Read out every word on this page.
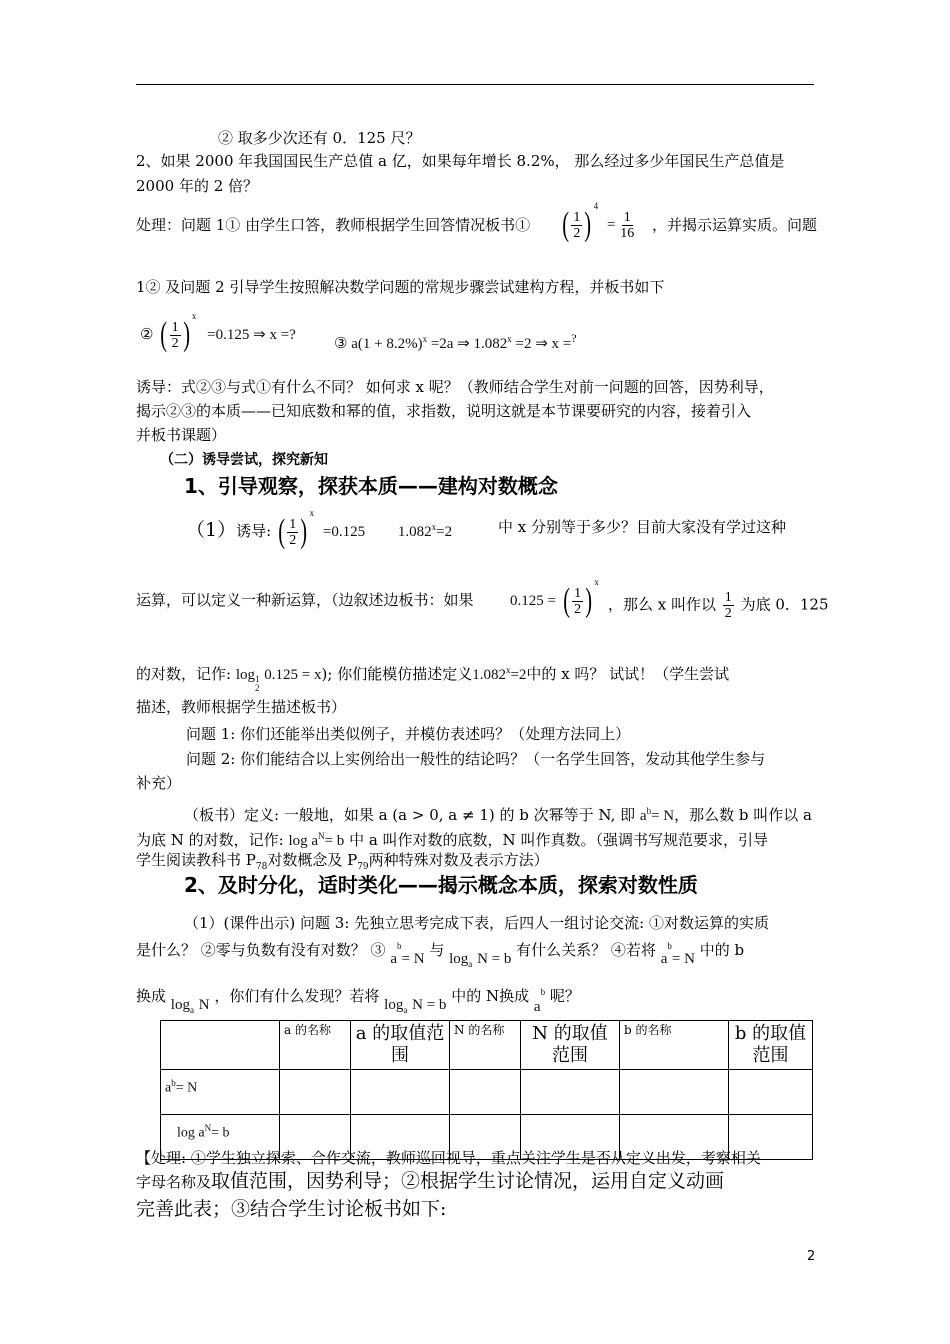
② 取多少次还有 0．125 尺？
2、如果 2000 年我国国民生产总值 a 亿，如果每年增长 8.2%， 那么经过多少年国民生产总值是
2000 年的 2 倍？
处理：问题 1① 由学生口答，教师根据学生回答情况板书① ( $\frac{1}{2}$ ) $^4 = \frac{1}{16}$ ，并揭示运算实质。问题
1② 及问题 2 引导学生按照解决数学问题的常规步骤尝试建构方程，并板书如下
② ( $\frac{1}{2}$ ) $^x$ =0.125 ⇒ x =?
③ $a(1 + 8.2\%)^x =2a$ ⇒ $1.082^x =2$ ⇒ x =?
诱导：式②③与式①有什么不同？ 如何求 x 呢？（教师结合学生对前一问题的回答，因势利导，
揭示②③的本质——已知底数和幂的值，求指数，说明这就是本节课要研究的内容，接着引入
并板书课题）
（二）诱导尝试，探究新知
1、引导观察，探获本质——建构对数概念
（1）诱导: ( $\frac{1}{2}$ ) $^x$ =0.125 $1.082^x=2$	中 x 分别等于多少？目前大家没有学过这种
运算，可以定义一种新运算，（边叙述边板书：如果 0.125 = ( $\frac{1}{2}$ ) $^x$
，那么 x 叫作以 $\frac{1}{2}$ 为底 0．125
的对数，记作: log1
2 0.125 = x); 你们能模仿描述定义$1.082^x=2$中的 x 吗？ 试试！（学生尝试
描述，教师根据学生描述板书）
问题 1: 你们还能举出类似例子，并模仿表述吗？（处理方法同上）
问题 2: 你们能结合以上实例给出一般性的结论吗？（一名学生回答，发动其他学生参与
补充）
（板书）定义: 一般地，如果 a (a > 0, a ≠ 1) 的 b 次幂等于 N, 即 $a^b= N$，那么数 b 叫作以 a
为底 N 的对数，记作: $\log a^N= b$ 中 a 叫作对数的底数，N 叫作真数。（强调书写规范要求，引导
学生阅读教科书 $P_{78}$对数概念及 $P_{79}$两种特殊对数及表示方法）
2、及时分化，适时类化——揭示概念本质，探索对数性质
（1）(课件出示) 问题 3: 先独立思考完成下表，后四人一组讨论交流: ①对数运算的实质
是什么？ ②零与负数有没有对数？ ③ $a^b= N$ 与 $\log_a N = b$ 有什么关系？ ④若将 $a^b= N$ 中的 b
换成 $\log_a N$ ，你们有什么发现？若将 $\log_a N = b$ 中的 N换成 $a^b$ 呢？
	a 的名称	a 的取值范围	N 的名称	N 的取值范围	b 的名称	b 的取值范围
$a^b= N$						
$\log a^N= b$						
【处理: ①学生独立探索、合作交流，教师巡回视导，重点关注学生是否从定义出发，考察相关
字母名称及取值范围，因势利导；②根据学生讨论情况，运用自定义动画
完善此表；③结合学生讨论板书如下:
2
